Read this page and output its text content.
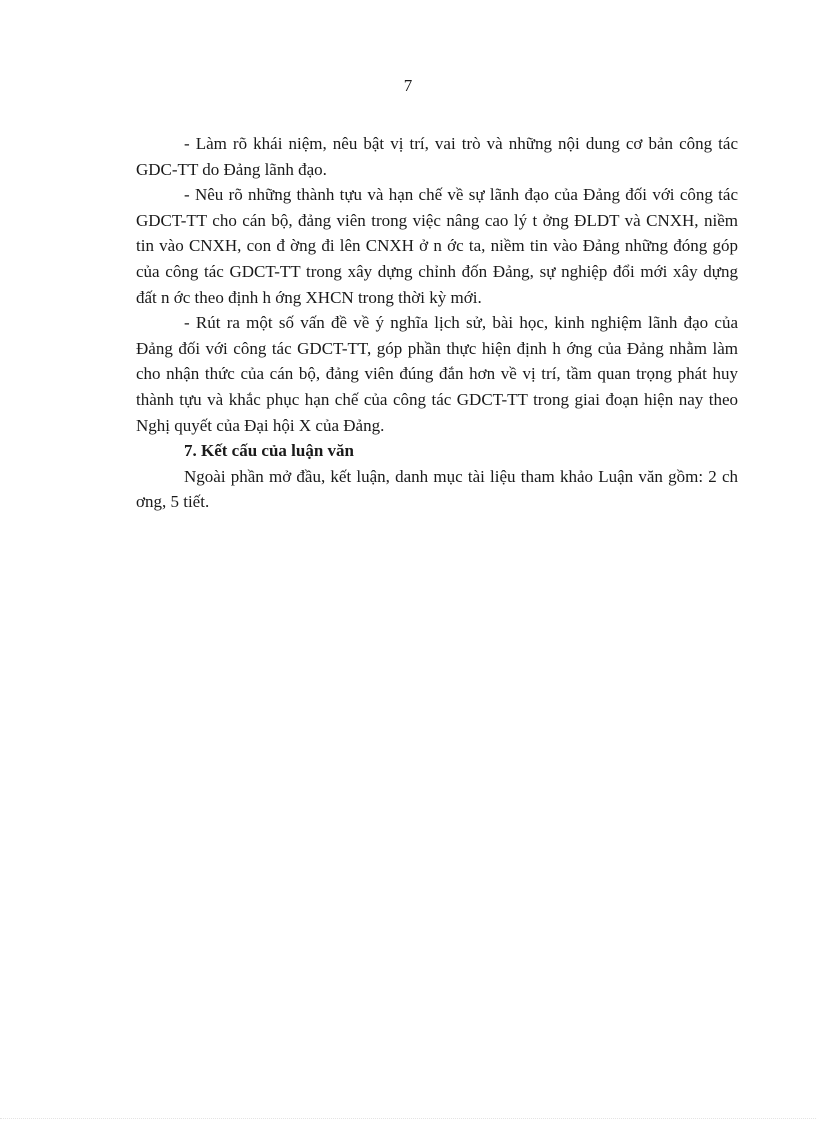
7

- Làm rõ khái niệm, nêu bật vị trí, vai trò và những nội dung cơ bản công tác GDC-TT do Đảng lãnh đạo.

- Nêu rõ những thành tựu và hạn chế về sự lãnh đạo của Đảng đối với công tác GDCT-TT cho cán bộ, đảng viên trong việc nâng cao lý t ởng ĐLDT và CNXH, niềm tin vào CNXH, con đ ờng đi lên CNXH ở n ớc ta, niềm tin vào Đảng những đóng góp của công tác GDCT-TT trong xây dựng chỉnh đốn Đảng, sự nghiệp đổi mới xây dựng đất n ớc theo định h ớng XHCN trong thời kỳ mới.

- Rút ra một số vấn đề về ý nghĩa lịch sử, bài học, kinh nghiệm lãnh đạo của Đảng đối với công tác GDCT-TT, góp phần thực hiện định h ớng của Đảng nhằm làm cho nhận thức của cán bộ, đảng viên đúng đắn hơn về vị trí, tầm quan trọng phát huy thành tựu và khắc phục hạn chế của công tác GDCT-TT trong giai đoạn hiện nay theo Nghị quyết của Đại hội X của Đảng.

7. Kết cấu của luận văn

Ngoài phần mở đầu, kết luận, danh mục tài liệu tham khảo Luận văn gồm: 2 ch ơng, 5 tiết.
